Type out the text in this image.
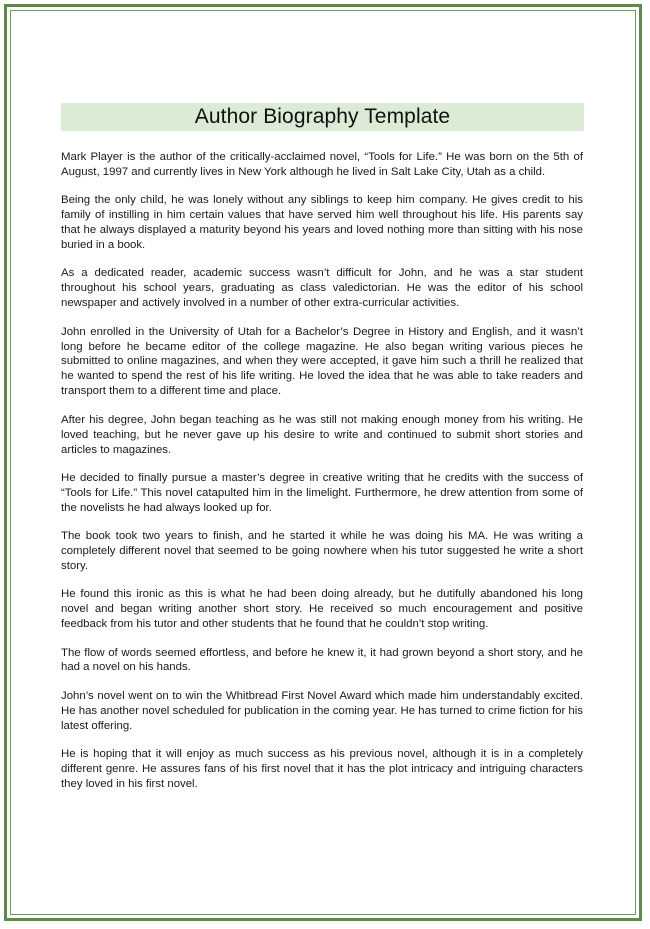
Author Biography Template

Mark Player is the author of the critically-acclaimed novel, “Tools for Life.” He was born on the 5th of August, 1997 and currently lives in New York although he lived in Salt Lake City, Utah as a child.

Being the only child, he was lonely without any siblings to keep him company. He gives credit to his family of instilling in him certain values that have served him well throughout his life. His parents say that he always displayed a maturity beyond his years and loved nothing more than sitting with his nose buried in a book.

As a dedicated reader, academic success wasn’t difficult for John, and he was a star student throughout his school years, graduating as class valedictorian. He was the editor of his school newspaper and actively involved in a number of other extra-curricular activities.

John enrolled in the University of Utah for a Bachelor’s Degree in History and English, and it wasn’t long before he became editor of the college magazine. He also began writing various pieces he submitted to online magazines, and when they were accepted, it gave him such a thrill he realized that he wanted to spend the rest of his life writing. He loved the idea that he was able to take readers and transport them to a different time and place.

After his degree, John began teaching as he was still not making enough money from his writing. He loved teaching, but he never gave up his desire to write and continued to submit short stories and articles to magazines.

He decided to finally pursue a master’s degree in creative writing that he credits with the success of “Tools for Life.” This novel catapulted him in the limelight. Furthermore, he drew attention from some of the novelists he had always looked up for.

The book took two years to finish, and he started it while he was doing his MA. He was writing a completely different novel that seemed to be going nowhere when his tutor suggested he write a short story.

He found this ironic as this is what he had been doing already, but he dutifully abandoned his long novel and began writing another short story. He received so much encouragement and positive feedback from his tutor and other students that he found that he couldn’t stop writing.

The flow of words seemed effortless, and before he knew it, it had grown beyond a short story, and he had a novel on his hands.

John’s novel went on to win the Whitbread First Novel Award which made him understandably excited. He has another novel scheduled for publication in the coming year. He has turned to crime fiction for his latest offering.

He is hoping that it will enjoy as much success as his previous novel, although it is in a completely different genre. He assures fans of his first novel that it has the plot intricacy and intriguing characters they loved in his first novel.
